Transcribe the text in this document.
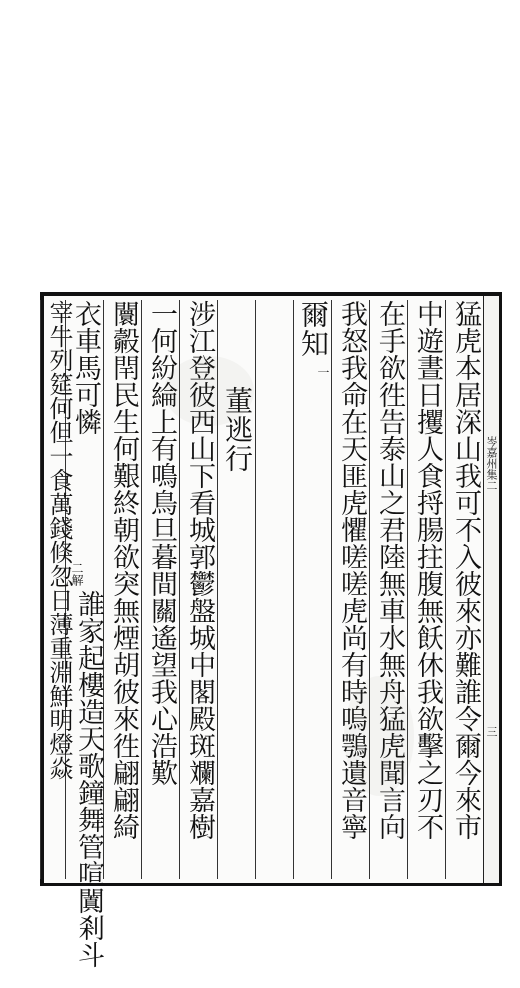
岑嘉州集二
三
猛虎本居深山我可不入彼來亦難誰令爾今來市
中遊晝日攫人食捋腸拄腹無飫休我欲擊之刃不
在手欲徃告泰山之君陸無車水無舟猛虎聞言向
我怒我命在天匪虎懼嗟嗟虎尚有時嗚鶚遺音寧
爾知
一
董逃行
涉江登彼西山下看城郭鬱盤城中閣殿斑斕嘉樹
一何紛綸上有鳴鳥旦暮間關遙望我心浩歎
闤㲉閈民生何艱終朝欲突無煙胡彼來徃翩翩綺
衣車馬可憐
二解
誰家起樓造天歌鐘舞管喧闐剎斗
宰牛列筵何但一食萬錢倏忽日薄重淵鮮明燈焱
